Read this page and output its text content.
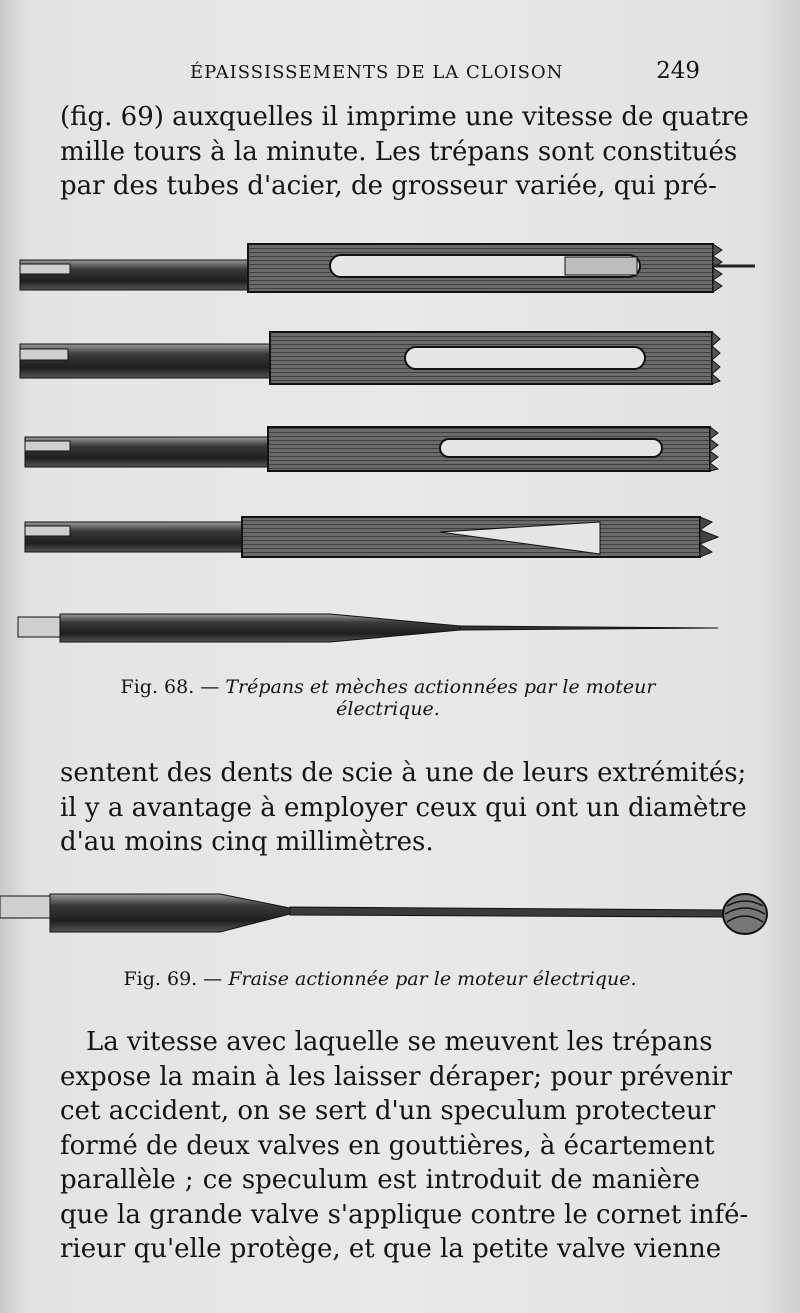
ÉPAISSISSEMENTS DE LA CLOISON	249
(fig. 69) auxquelles il imprime une vitesse de quatre
mille tours à la minute. Les trépans sont constitués
par des tubes d'acier, de grosseur variée, qui pré-
Fig. 68. — Trépans et mèches actionnées par le moteur
électrique.
sentent des dents de scie à une de leurs extrémités;
il y a avantage à employer ceux qui ont un diamètre
d'au moins cinq millimètres.
Fig. 69. — Fraise actionnée par le moteur électrique.
La vitesse avec laquelle se meuvent les trépans
expose la main à les laisser déraper; pour prévenir
cet accident, on se sert d'un speculum protecteur
formé de deux valves en gouttières, à écartement
parallèle ; ce speculum est introduit de manière
que la grande valve s'applique contre le cornet infé-
rieur qu'elle protège, et que la petite valve vienne
